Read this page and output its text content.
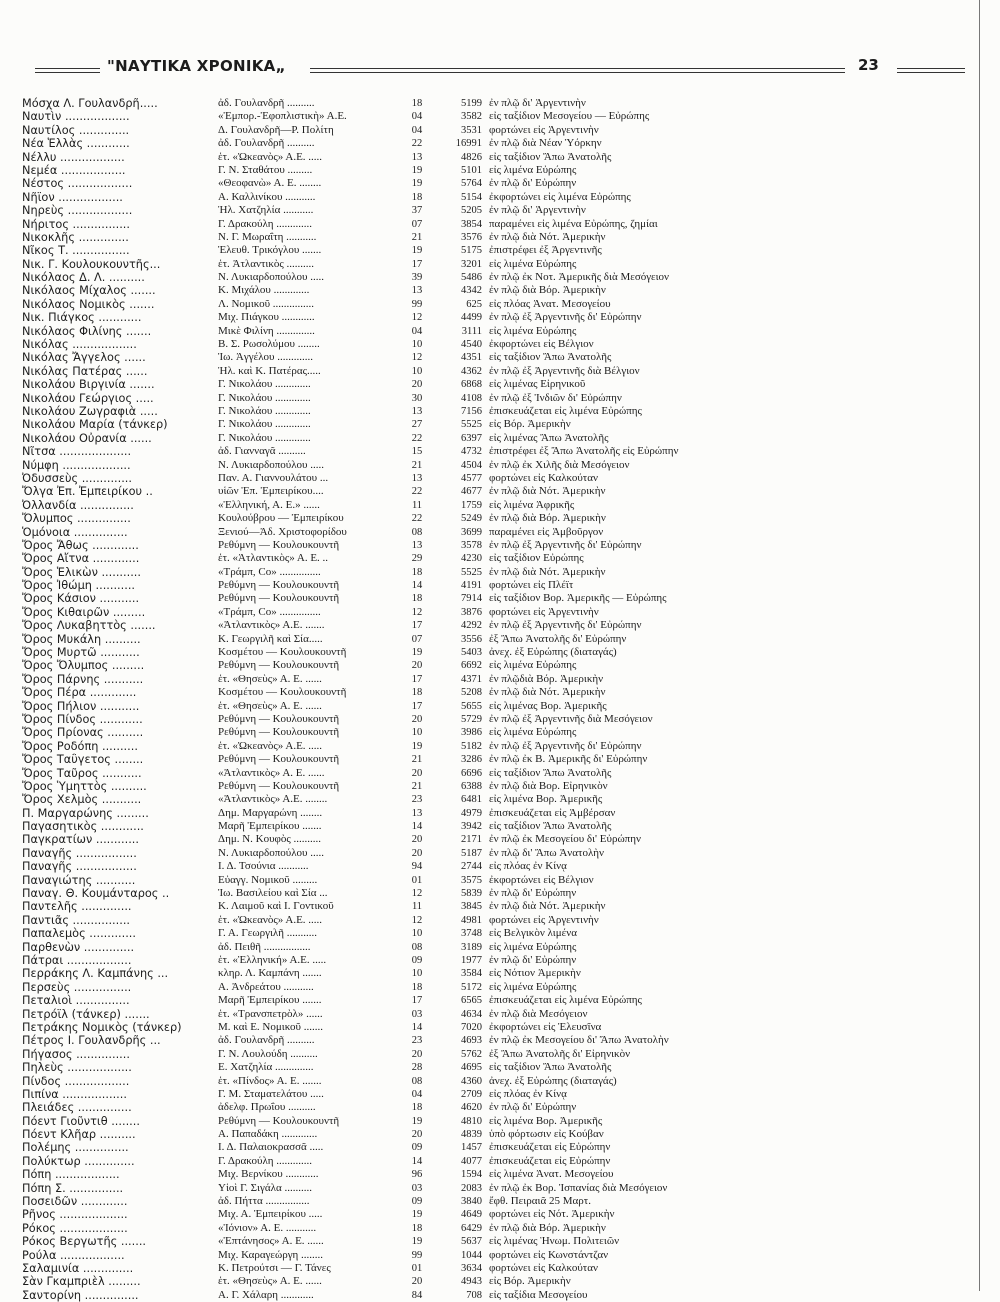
"ΝΑΥΤΙΚΑ ΧΡΟΝΙΚΑ„	23
Μόσχα Λ. Γουλανδρῆ.....	ἀδ. Γουλανδρῆ ..........	18	5199 ἐν πλῷ δι' Ἀργεντινὴν
Ναυτὶν ..................	«Ἐμπορ.-Ἐφοπλιστικὴ» Α.Ε.	04	3582 εἰς ταξίδιον Μεσογείου — Εὐρώπης
Ναυτίλος ..............	Δ. Γουλανδρῆ—Ρ. Πολίτη	04	3531 φορτώνει εἰς Ἀργεντινὴν
Νέα Ἑλλὰς ............	ἀδ. Γουλανδρῆ ..........	22	16991 ἐν πλῷ διὰ Νέαν Ὑόρκην
Νέλλυ ..................	ἑτ. «Ὠκεανὸς» Α.Ε. .....	13	4826 εἰς ταξίδιον Ἄπω Ἀνατολῆς
Νεμέα ..................	Γ. Ν. Σταθάτου .........	19	5101 εἰς λιμένα Εὐρώπης
Νέστος ..................	«Θεοφανὼ» Α. Ε. ........	19	5764 ἐν πλῷ δι' Εὐρώπην
Νῆϊον ..................	Α. Καλλινίκου ...........	18	5154 ἐκφορτώνει εἰς λιμένα Εὐρώπης
Νηρεὺς ..................	Ἠλ. Χατζηλία ...........	37	5205 ἐν πλῷ δι' Ἀργεντινὴν
Νήριτος ................	Γ. Δρακούλη .............	07	3854 παραμένει εἰς λιμένα Εὐρώπης, ζημίαι
Νικοκλῆς ..............	Ν. Γ. Μωραΐτη ...........	21	3576 ἐν πλῷ διὰ Νότ. Ἀμερικὴν
Νῖκος Τ. ................	Ἐλευθ. Τρικόγλου .......	19	5175 ἐπιστρέφει ἐξ Ἀργεντινῆς
Νικ. Γ. Κουλουκουντῆς...	ἑτ. Ἀτλαντικὸς ..........	17	3201 εἰς λιμένα Εὐρώπης
Νικόλαος Δ. Λ. ..........	Ν. Λυκιαρδοπούλου .....	39	5486 ἐν πλῷ ἐκ Νοτ. Ἀμερικῆς διὰ Μεσόγειον
Νικόλαος Μίχαλος .......	Κ. Μιχάλου .............	13	4342 ἐν πλῷ διὰ Βόρ. Ἀμερικὴν
Νικόλαος Νομικὸς .......	Λ. Νομικοῦ ...............	99	625 εἰς πλόας Ἀνατ. Μεσογείου
Νικ. Πιάγκος ............	Μιχ. Πιάγκου ............	12	4499 ἐν πλῷ ἐξ Ἀργεντινῆς δι' Εὐρώπην
Νικόλαος Φιλίνης .......	Μικὲ Φιλίνη ..............	04	3111 εἰς λιμένα Εὐρώπης
Νικόλας ..................	Β. Σ. Ρωσολύμου ........	10	4540 ἐκφορτώνει εἰς Βέλγιον
Νικόλας Ἄγγελος ......	Ἰω. Ἀγγέλου .............	12	4351 εἰς ταξίδιον Ἄπω Ἀνατολῆς
Νικόλας Πατέρας ......	Ἠλ. καὶ Κ. Πατέρας.....	10	4362 ἐν πλῷ ἐξ Ἀργεντινῆς διὰ Βέλγιον
Νικολάου Βιργινία .......	Γ. Νικολάου .............	20	6868 εἰς λιμένας Εἰρηνικοῦ
Νικολάου Γεώργιος .....	Γ. Νικολάου .............	30	4108 ἐν πλῷ ἐξ Ἰνδιῶν δι' Εὐρώπην
Νικολάου Ζωγραφιὰ .....	Γ. Νικολάου .............	13	7156 ἐπισκευάζεται εἰς λιμένα Εὐρώπης
Νικολάου Μαρία (τάνκερ)	Γ. Νικολάου .............	27	5525 εἰς Βόρ. Ἀμερικὴν
Νικολάου Οὐρανία ......	Γ. Νικολάου .............	22	6397 εἰς λιμένας Ἄπω Ἀνατολῆς
Νῖτσα ....................	ἀδ. Γιανναγᾶ ..........	15	4732 ἐπιστρέφει ἐξ Ἄπω Ἀνατολῆς εἰς Εὐρώπην
Νύμφη ...................	Ν. Λυκιαρδοπούλου .....	21	4504 ἐν πλῷ ἐκ Χιλῆς διὰ Μεσόγειον
Ὀδυσσεὺς ..............	Παν. Α. Γιαννουλάτου ...	13	4577 φορτώνει εἰς Καλκούταν
Ὄλγα Ἐπ. Ἐμπειρίκου ..	υἱῶν Ἐπ. Ἐμπειρίκου....	22	4677 ἐν πλῷ διὰ Νότ. Ἀμερικὴν
Ὀλλανδία ...............	«Ἑλληνική, Α. Ε.» ......	11	1759 εἰς λιμένα Ἀφρικῆς
Ὄλυμπος ...............	Κουλούβρου — Ἐμπειρίκου	22	5249 ἐν πλῷ διὰ Βόρ. Ἀμερικὴν
Ὁμόνοια ...............	Ξενιού—Ἀδ. Χριστοφορίδου	08	3699 παραμένει εἰς Ἀμβοῦργον
Ὄρος Ἄθως .............	Ρεθύμνη — Κουλουκουντῆ	13	3578 ἐν πλῷ ἐξ Ἀργεντινῆς δι' Εὐρώπην
Ὄρος Αἴτνα .............	ἑτ. «Ἀτλαντικὸς» Α. Ε. ..	29	4230 εἰς ταξίδιον Εὐρώπης
Ὄρος Ἑλικὼν ...........	«Τράμπ, Co» ...............	18	5525 ἐν πλῷ διὰ Νότ. Ἀμερικὴν
Ὄρος Ἰθώμη ...........	Ρεθύμνη — Κουλουκουντῆ	14	4191 φορτώνει εἰς Πλέϊτ
Ὄρος Κάσιον ...........	Ρεθύμνη — Κουλουκουντῆ	18	7914 εἰς ταξίδιον Βορ. Ἀμερικῆς — Εὐρώπης
Ὄρος Κιθαιρῶν .........	«Τράμπ, Co» ...............	12	3876 φορτώνει εἰς Ἀργεντινὴν
Ὄρος Λυκαβηττὸς .......	«Ἀτλαντικὸς» Α.Ε. .......	17	4292 ἐν πλῷ ἐξ Ἀργεντινῆς δι' Εὐρώπην
Ὄρος Μυκάλη ..........	Κ. Γεωργιλῆ καὶ Σία.....	07	3556 ἐξ Ἄπω Ἀνατολῆς δι' Εὐρώπην
Ὄρος Μυρτῶ ...........	Κοσμέτου — Κουλουκουντῆ	19	5403 ἀνεχ. ἐξ Εὐρώπης (διαταγάς)
Ὄρος Ὄλυμπος .........	Ρεθύμνη — Κουλουκουντῆ	20	6692 εἰς λιμένα Εὐρώπης
Ὄρος Πάρνης ...........	ἑτ. «Θησεὺς» Α. Ε. ......	17	4371 ἐν πλῷδιὰ Βόρ. Ἀμερικὴν
Ὄρος Πέρα .............	Κοσμέτου — Κουλουκουντῆ	18	5208 ἐν πλῷ διὰ Νότ. Ἀμερικὴν
Ὄρος Πήλιον ...........	ἑτ. «Θησεὺς» Α. Ε. ......	17	5655 εἰς λιμένας Βορ. Ἀμερικῆς
Ὄρος Πίνδος ............	Ρεθύμνη — Κουλουκουντῆ	20	5729 ἐν πλῷ ἐξ Ἀργεντινῆς διὰ Μεσόγειον
Ὄρος Πρίονας ..........	Ρεθύμνη — Κουλουκουντῆ	10	3986 εἰς λιμένα Εὐρώπης
Ὄρος Ροδόπη ..........	ἑτ. «Ὠκεανὸς» Α.Ε. .....	19	5182 ἐν πλῷ ἐξ Ἀργεντινῆς δι' Εὐρώπην
Ὄρος Ταΰγετος ........	Ρεθύμνη — Κουλουκουντῆ	21	3286 ἐν πλῷ ἐκ Β. Ἀμερικῆς δι' Εὐρώπην
Ὄρος Ταῦρος ...........	«Ἀτλαντικὸς» Α. Ε. ......	20	6696 εἰς ταξίδιον Ἄπω Ἀνατολῆς
Ὄρος Ὑμηττὸς ..........	Ρεθύμνη — Κουλουκουντῆ	21	6388 ἐν πλῷ διὰ Βορ. Εἰρηνικὸν
Ὄρος Χελμὸς ...........	«Ἀτλαντικὸς» Α.Ε. ........	23	6481 εἰς λιμένα Βορ. Ἀμερικῆς
Π. Μαργαρώνης .........	Δημ. Μαργαρώνη ........	13	4979 ἐπισκευάζεται εἰς Ἀμβέρσαν
Παγασητικὸς ............	Μαρῆ Ἐμπειρίκου .......	14	3942 εἰς ταξίδιον Ἄπω Ἀνατολῆς
Παγκρατίων ............	Δημ. Ν. Κουφὸς ..........	20	2171 ἐν πλῷ ἐκ Μεσογείου δι' Εὐρώπην
Παναγῆς .................	Ν. Λυκιαρδοπούλου .....	20	5187 ἐν πλῷ δι' Ἄπω Ἀνατολὴν
Παναγῆς .................	Ι. Δ. Τσούνια ...........	94	2744 εἰς πλόας ἐν Κίνᾳ
Παναγιώτης ...........	Εὐαγγ. Νομικοῦ .........	01	3575 ἐκφορτώνει εἰς Βέλγιον
Παναγ. Θ. Κουμάνταρος ..	Ἰω. Βασιλείου καὶ Σία ...	12	5839 ἐν πλῷ δι' Εὐρώπην
Παντελῆς ..............	Κ. Λαιμοῦ καὶ Ι. Γοντικοῦ	11	3845 ἐν πλῷ διὰ Νότ. Ἀμερικὴν
Παντιᾶς ................	ἑτ. «Ὠκεανὸς» Α.Ε. .....	12	4981 φορτώνει εἰς Ἀργεντινὴν
Παπαλεμὸς .............	Γ. Α. Γεωργιλῆ ...........	10	3748 εἰς Βελγικὸν λιμένα
Παρθενὼν ..............	ἀδ. Πειθῆ .................	08	3189 εἰς λιμένα Εὐρώπης
Πάτραι ..................	ἑτ. «Ἑλληνική» Α.Ε. .....	09	1977 ἐν πλῷ δι' Εὐρώπην
Περράκης Λ. Καμπάνης ...	κληρ. Λ. Καμπάνη .......	10	3584 εἰς Νότιον Ἀμερικὴν
Περσεὺς ................	Α. Ἀνδρεάτου ...........	18	5172 εἰς λιμένα Εὐρώπης
Πεταλιοὶ ...............	Μαρῆ Ἐμπειρίκου .......	17	6565 ἐπισκευάζεται εἰς λιμένα Εὐρώπης
Πετρόϊλ (τάνκερ) .......	ἑτ. «Τρανσπετρὸλ» ......	03	4634 ἐν πλῷ διὰ Μεσόγειον
Πετράκης Νομικὸς (τάνκερ)	Μ. καὶ Ε. Νομικοῦ .......	14	7020 ἐκφορτώνει εἰς Ἐλευσῖνα
Πέτρος Ι. Γουλανδρῆς ...	ἀδ. Γουλανδρῆ ..........	23	4693 ἐν πλῷ ἐκ Μεσογείου δι' Ἄπω Ἀνατολὴν
Πήγασος ...............	Γ. Ν. Λουλούδη ..........	20	5762 ἐξ Ἄπω Ἀνατολῆς δι' Εἰρηνικὸν
Πηλεὺς ..................	Ε. Χατζηλία ..............	28	4695 εἰς ταξίδιον Ἄπω Ἀνατολῆς
Πίνδος ..................	ἑτ. «Πίνδος» Α. Ε. .......	08	4360 ἀνεχ. ἐξ Εὐρώπης (διαταγάς)
Πιπίνα ..................	Γ. Μ. Σταματελάτου .....	04	2709 εἰς πλόας ἐν Κίνᾳ
Πλειάδες ...............	ἀδελφ. Πρωΐου ..........	18	4620 ἐν πλῷ δι' Εὐρώπην
Πόεντ Γιοῦντιθ ........	Ρεθύμνη — Κουλουκουντῆ	19	4810 εἰς λιμένα Βορ. Ἀμερικῆς
Πόεντ Κλῆαρ ..........	Α. Παπαδάκη .............	20	4839 ὑπὸ φόρτωσιν εἰς Κούβαν
Πολέμης ...............	Ι. Δ. Παλαιοκρασσᾶ .....	09	1457 ἐπισκευάζεται εἰς Εὐρώπην
Πολύκτωρ ..............	Γ. Δρακούλη .............	14	4077 ἐπισκευάζεται εἰς Εὐρώπην
Πόπη ..................	Μιχ. Βερνίκου ............	96	1594 εἰς λιμένα Ἀνατ. Μεσογείου
Πόπη Σ. ...............	Υἱοὶ Γ. Σιγάλα ..........	03	2083 ἐν πλῷ ἐκ Βορ. Ἰσπανίας διὰ Μεσόγειον
Ποσειδῶν .............	ἀδ. Πήττα ................	09	3840 ἔφθ. Πειραιᾶ 25 Μαρτ.
Ρῆνος ...................	Μιχ. Α. Ἐμπειρίκου .....	19	4649 φορτώνει εἰς Νότ. Ἀμερικὴν
Ρόκος ...................	«Ἰόνιον» Α. Ε. ...........	18	6429 ἐν πλῷ διὰ Βόρ. Ἀμερικὴν
Ρόκος Βεργωτῆς .......	«Ἐπτάνησος» Α. Ε. ......	19	5637 εἰς λιμένας Ἡνωμ. Πολιτειῶν
Ρούλα ..................	Μιχ. Καραγεώργη ........	99	1044 φορτώνει εἰς Κωνστάντζαν
Σαλαμινία ..............	Κ. Πετρούτσι — Γ. Τάνες	01	3634 φορτώνει εἰς Καλκούταν
Σὰν Γκαμπριὲλ .........	ἑτ. «Θησεὺς» Α. Ε. ......	20	4943 εἰς Βόρ. Ἀμερικὴν
Σαντορίνη ...............	Α. Γ. Χάλαρη ............	84	708 εἰς ταξίδια Μεσογείου
